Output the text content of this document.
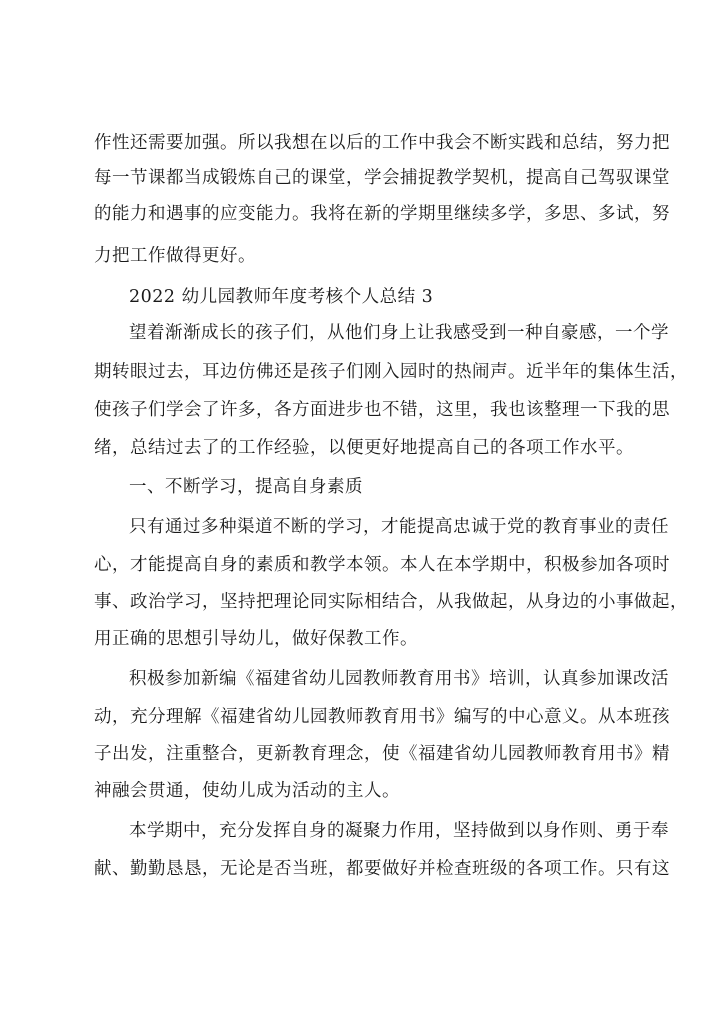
作性还需要加强。所以我想在以后的工作中我会不断实践和总结，努力把
每一节课都当成锻炼自己的课堂，学会捕捉教学契机，提高自己驾驭课堂
的能力和遇事的应变能力。我将在新的学期里继续多学，多思、多试，努
力把工作做得更好。
2022 幼儿园教师年度考核个人总结 3
望着渐渐成长的孩子们，从他们身上让我感受到一种自豪感，一个学
期转眼过去，耳边仿佛还是孩子们刚入园时的热闹声。近半年的集体生活，
使孩子们学会了许多，各方面进步也不错，这里，我也该整理一下我的思
绪，总结过去了的工作经验，以便更好地提高自己的各项工作水平。
一、不断学习，提高自身素质
只有通过多种渠道不断的学习，才能提高忠诚于党的教育事业的责任
心，才能提高自身的素质和教学本领。本人在本学期中，积极参加各项时
事、政治学习，坚持把理论同实际相结合，从我做起，从身边的小事做起，
用正确的思想引导幼儿，做好保教工作。
积极参加新编《福建省幼儿园教师教育用书》培训，认真参加课改活
动，充分理解《福建省幼儿园教师教育用书》编写的中心意义。从本班孩
子出发，注重整合，更新教育理念，使《福建省幼儿园教师教育用书》精
神融会贯通，使幼儿成为活动的主人。
本学期中，充分发挥自身的凝聚力作用，坚持做到以身作则、勇于奉
献、勤勤恳恳，无论是否当班，都要做好并检查班级的各项工作。只有这
